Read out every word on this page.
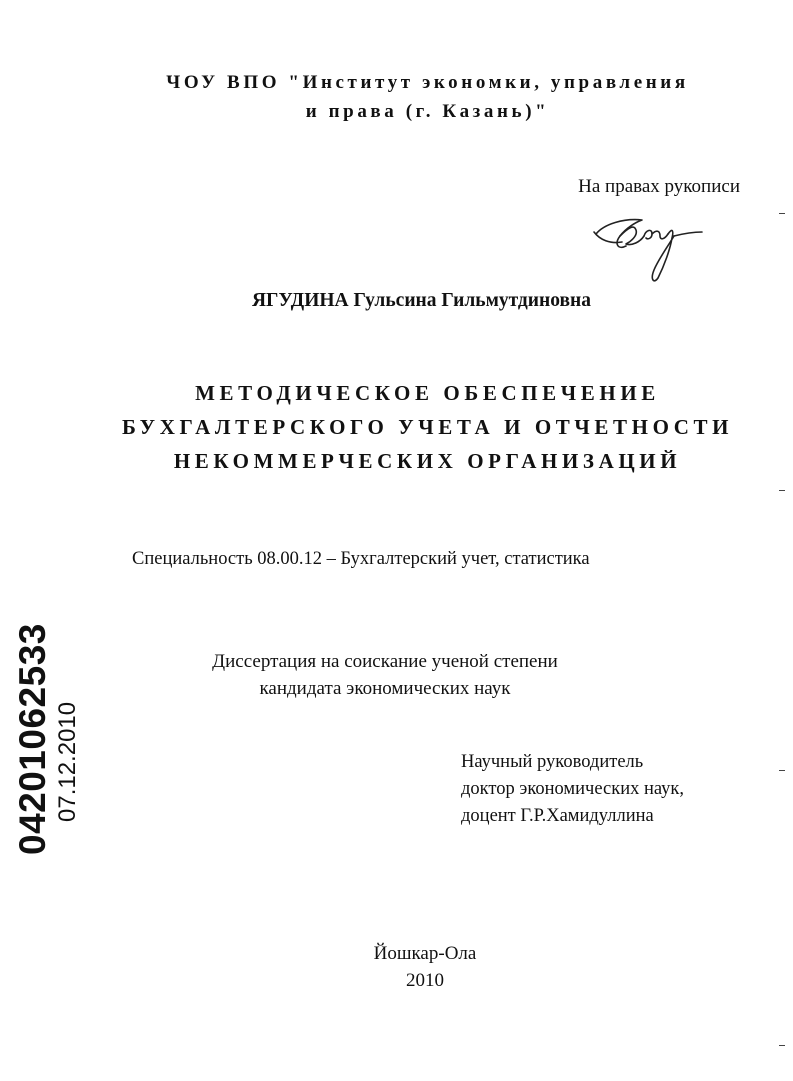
ЧОУ ВПО "Институт экономки, управления
и права (г. Казань)"
На правах рукописи
ЯГУДИНА Гульсина Гильмутдиновна
МЕТОДИЧЕСКОЕ ОБЕСПЕЧЕНИЕ
БУХГАЛТЕРСКОГО УЧЕТА И ОТЧЕТНОСТИ
НЕКОММЕРЧЕСКИХ ОРГАНИЗАЦИЙ
Специальность 08.00.12 – Бухгалтерский учет, статистика
Диссертация на соискание ученой степени
кандидата экономических наук
Научный руководитель
доктор экономических наук,
доцент Г.Р.Хамидуллина
Йошкар-Ола
2010
04201062533 07.12.2010
